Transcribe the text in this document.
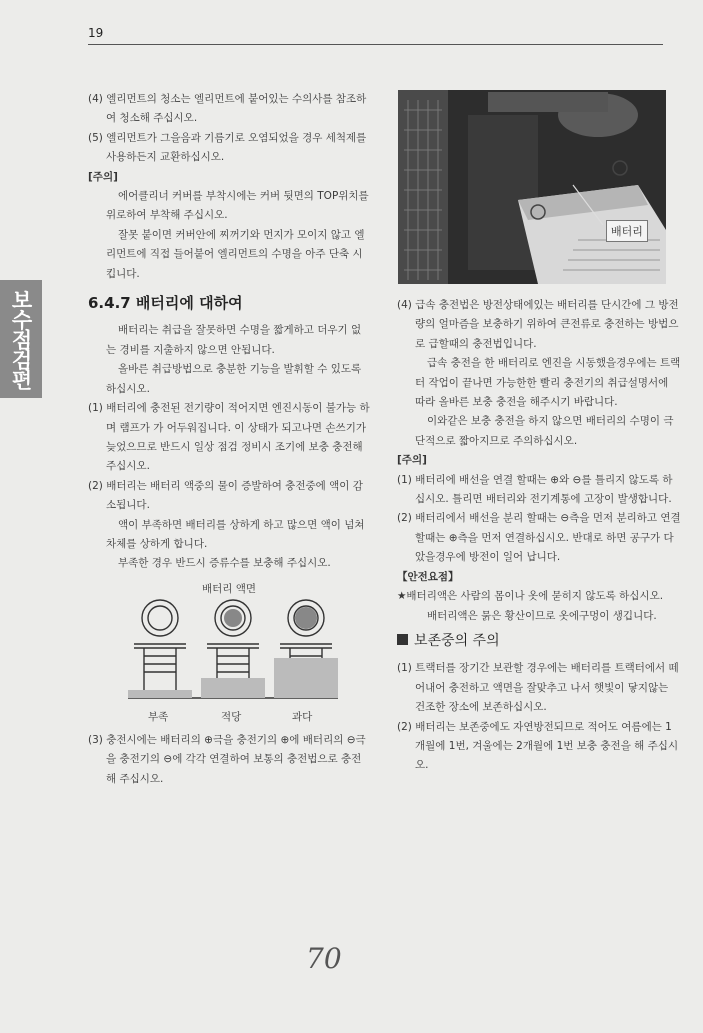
19
보수점검편

(4) 엘리먼트의 청소는 엘리먼트에 붙어있는 수의사를 참조하여 청소해 주십시오.

(5) 엘리먼트가 그을음과 기름기로 오염되었을 경우 세척제를 사용하든지 교환하십시오.

[주의]

에어클리너 커버를 부착시에는 커버 뒷면의 TOP위치를 위로하여 부착해 주십시오.

잘못 붙이면 커버안에 찌꺼기와 먼지가 모이지 않고 엘리먼트에 직접 들어붙어 엘리먼트의 수명을 아주 단축 시킵니다.

6.4.7 배터리에 대하여

배터리는 취급을 잘못하면 수명을 짧게하고 더우기 없는 경비를 지출하지 않으면 안됩니다.

올바른 취급방법으로 충분한 기능을 발휘할 수 있도록 하십시오.

(1) 배터리에 충전된 전기량이 적어지면 엔진시동이 불가능 하며 램프가 가 어두워집니다. 이 상태가 되고나면 손쓰기가 늦었으므로 반드시 일상 점검 정비시 조기에 보충 충전해 주십시오.

(2) 배터리는 배터리 액중의 물이 증발하여 충전중에 액이 감소됩니다.

액이 부족하면 배터리를 상하게 하고 많으면 액이 넘쳐 차체를 상하게 합니다.

부족한 경우 반드시 증류수를 보충해 주십시오.

배터리 액면
부족	적당	과다

(3) 충전시에는 배터리의 ⊕극을 충전기의 ⊕에 배터리의 ⊖극을 충전기의 ⊖에 각각 연결하여 보통의 충전법으로 충전해 주십시오.

배터리

(4) 급속 충전법은 방전상태에있는 배터리를 단시간에 그 방전량의 얼마즘을 보충하기 위하여 큰전류로 충전하는 방법으로 급할때의 충전법입니다.

급속 충전을 한 배터리로 엔진을 시동했을경우에는 트랙터 작업이 끝나면 가능한한 빨리 충전기의 취급설명서에 따라 올바른 보충 충전을 해주시기 바랍니다.

이와같은 보충 충전을 하지 않으면 배터리의 수명이 극단적으로 짧아지므로 주의하십시오.

[주의]

(1) 배터리에 배선을 연결 할때는 ⊕와 ⊖를 틀리지 않도록 하십시오. 틀리면 배터리와 전기계통에 고장이 발생합니다.

(2) 배터리에서 배선을 분리 할때는 ⊖측을 먼저 분리하고 연결할때는 ⊕측을 먼저 연결하십시오. 반대로 하면 공구가 다았을경우에 방전이 일어 납니다.

【안전요점】

★배터리액은 사람의 몸이나 옷에 묻히지 않도록 하십시오.

배터리액은 묽은 황산이므로 옷에구멍이 생깁니다.

보존중의 주의

(1) 트랙터를 장기간 보관할 경우에는 배터리를 트랙터에서 떼어내어 충전하고 액면을 잘맞추고 나서 햇빛이 닿지않는 건조한 장소에 보존하십시오.

(2) 배터리는 보존중에도 자연방전되므로 적어도 여름에는 1개월에 1번, 겨울에는 2개월에 1번 보충 충전을 해 주십시오.

70
